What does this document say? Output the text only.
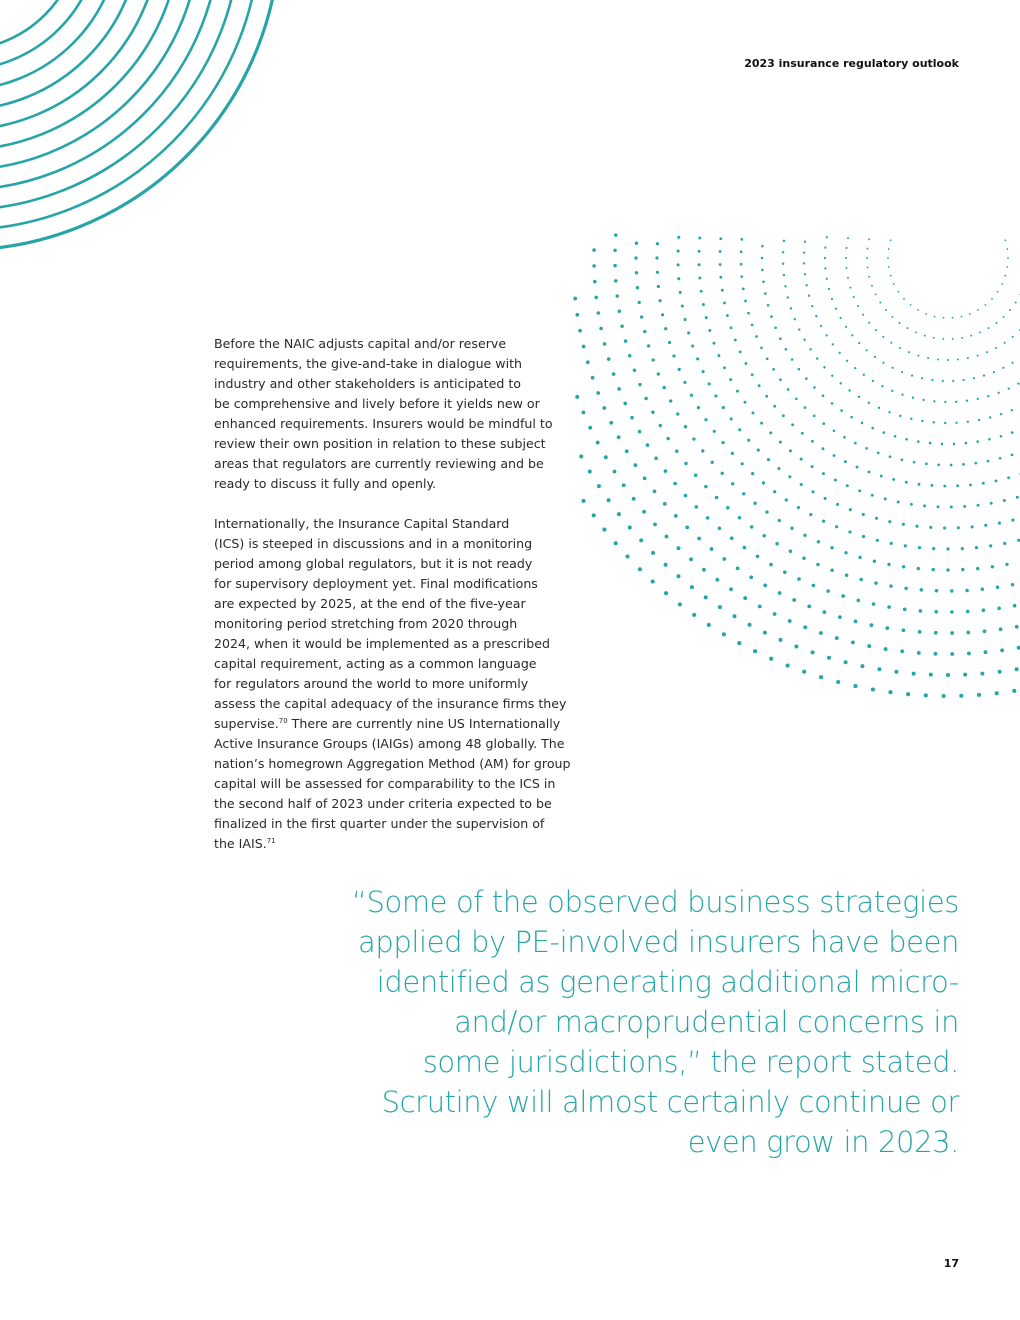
2023 insurance regulatory outlook

Before the NAIC adjusts capital and/or reserve
requirements, the give-and-take in dialogue with
industry and other stakeholders is anticipated to
be comprehensive and lively before it yields new or
enhanced requirements. Insurers would be mindful to
review their own position in relation to these subject
areas that regulators are currently reviewing and be
ready to discuss it fully and openly.

Internationally, the Insurance Capital Standard
(ICS) is steeped in discussions and in a monitoring
period among global regulators, but it is not ready
for supervisory deployment yet. Final modifications
are expected by 2025, at the end of the five-year
monitoring period stretching from 2020 through
2024, when it would be implemented as a prescribed
capital requirement, acting as a common language
for regulators around the world to more uniformly
assess the capital adequacy of the insurance firms they
supervise.$^{70}$ There are currently nine US Internationally
Active Insurance Groups (IAIGs) among 48 globally. The
nation’s homegrown Aggregation Method (AM) for group
capital will be assessed for comparability to the ICS in
the second half of 2023 under criteria expected to be
finalized in the first quarter under the supervision of
the IAIS.$^{71}$

“Some of the observed business strategies
applied by PE-involved insurers have been
identified as generating additional micro-
and/or macroprudential concerns in
some jurisdictions,” the report stated.
Scrutiny will almost certainly continue or
even grow in 2023.
17
